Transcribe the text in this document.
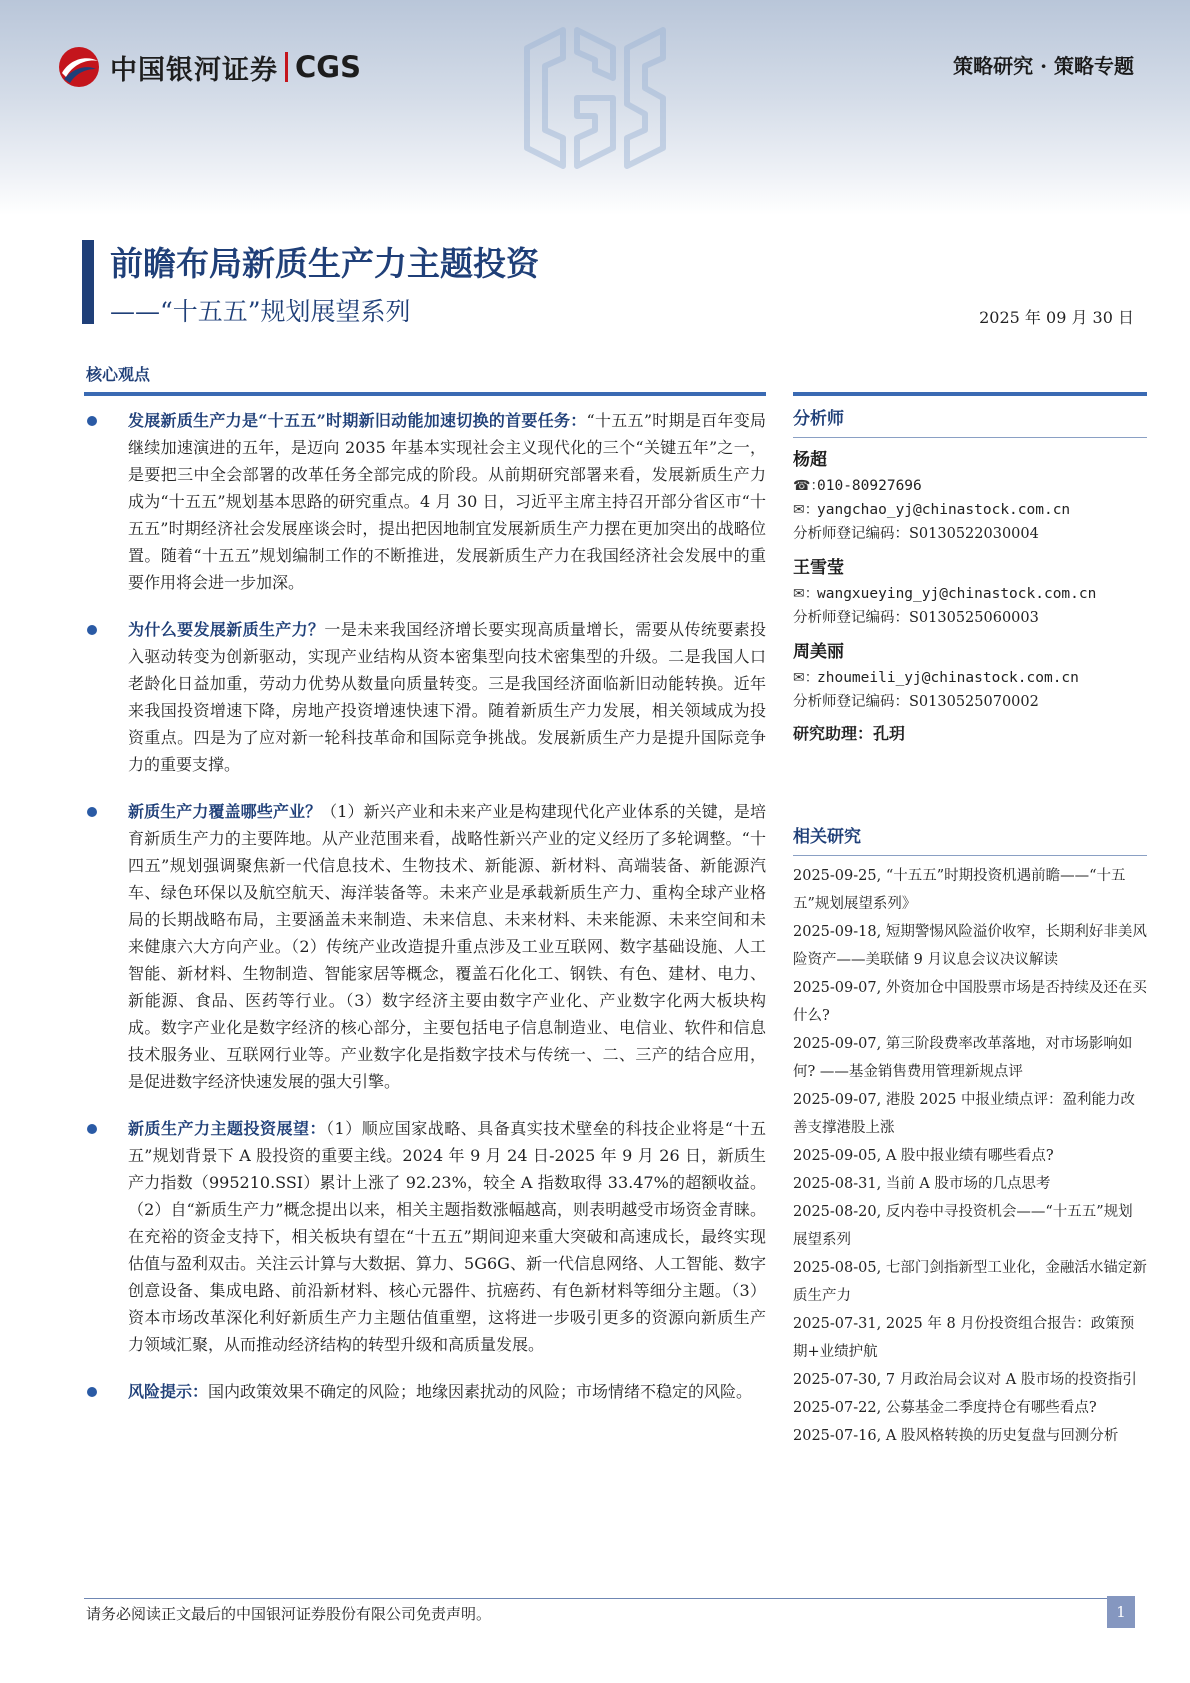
中国银河证券 CGS	策略研究 · 策略专题
前瞻布局新质生产力主题投资
——“十五五”规划展望系列	2025 年 09 月 30 日
核心观点
发展新质生产力是“十五五”时期新旧动能加速切换的首要任务：“十五五”时期是百年变局继续加速演进的五年，是迈向 2035 年基本实现社会主义现代化的三个“关键五年”之一，是要把三中全会部署的改革任务全部完成的阶段。从前期研究部署来看，发展新质生产力成为“十五五”规划基本思路的研究重点。4 月 30 日，习近平主席主持召开部分省区市“十五五”时期经济社会发展座谈会时，提出把因地制宜发展新质生产力摆在更加突出的战略位置。随着“十五五”规划编制工作的不断推进，发展新质生产力在我国经济社会发展中的重要作用将会进一步加深。
为什么要发展新质生产力？一是未来我国经济增长要实现高质量增长，需要从传统要素投入驱动转变为创新驱动，实现产业结构从资本密集型向技术密集型的升级。二是我国人口老龄化日益加重，劳动力优势从数量向质量转变。三是我国经济面临新旧动能转换。近年来我国投资增速下降，房地产投资增速快速下滑。随着新质生产力发展，相关领域成为投资重点。四是为了应对新一轮科技革命和国际竞争挑战。发展新质生产力是提升国际竞争力的重要支撑。
新质生产力覆盖哪些产业？（1）新兴产业和未来产业是构建现代化产业体系的关键，是培育新质生产力的主要阵地。从产业范围来看，战略性新兴产业的定义经历了多轮调整。“十四五”规划强调聚焦新一代信息技术、生物技术、新能源、新材料、高端装备、新能源汽车、绿色环保以及航空航天、海洋装备等。未来产业是承载新质生产力、重构全球产业格局的长期战略布局，主要涵盖未来制造、未来信息、未来材料、未来能源、未来空间和未来健康六大方向产业。（2）传统产业改造提升重点涉及工业互联网、数字基础设施、人工智能、新材料、生物制造、智能家居等概念，覆盖石化化工、钢铁、有色、建材、电力、新能源、食品、医药等行业。（3）数字经济主要由数字产业化、产业数字化两大板块构成。数字产业化是数字经济的核心部分，主要包括电子信息制造业、电信业、软件和信息技术服务业、互联网行业等。产业数字化是指数字技术与传统一、二、三产的结合应用，是促进数字经济快速发展的强大引擎。
新质生产力主题投资展望：（1）顺应国家战略、具备真实技术壁垒的科技企业将是“十五五”规划背景下 A 股投资的重要主线。2024 年 9 月 24 日-2025 年 9 月 26 日，新质生产力指数（995210.SSI）累计上涨了 92.23%，较全 A 指数取得 33.47%的超额收益。（2）自“新质生产力”概念提出以来，相关主题指数涨幅越高，则表明越受市场资金青睐。在充裕的资金支持下，相关板块有望在“十五五”期间迎来重大突破和高速成长，最终实现估值与盈利双击。关注云计算与大数据、算力、5G6G、新一代信息网络、人工智能、数字创意设备、集成电路、前沿新材料、核心元器件、抗癌药、有色新材料等细分主题。（3）资本市场改革深化利好新质生产力主题估值重塑，这将进一步吸引更多的资源向新质生产力领域汇聚，从而推动经济结构的转型升级和高质量发展。
风险提示：国内政策效果不确定的风险；地缘因素扰动的风险；市场情绪不稳定的风险。
分析师
杨超
☎：
010-80927696
✉：
yangchao_yj@chinastock.com.cn
分析师登记编码：S0130522030004
王雪莹
✉：
wangxueying_yj@chinastock.com.cn
分析师登记编码：S0130525060003
周美丽
✉：
zhoumeili_yj@chinastock.com.cn
分析师登记编码：S0130525070002
研究助理：孔玥
相关研究
2025-09-25, “十五五”时期投资机遇前瞻——“十五五”规划展望系列》
2025-09-18, 短期警惕风险溢价收窄，长期利好非美风险资产——美联储 9 月议息会议决议解读
2025-09-07, 外资加仓中国股票市场是否持续及还在买什么?
2025-09-07, 第三阶段费率改革落地，对市场影响如何? ——基金销售费用管理新规点评
2025-09-07, 港股 2025 中报业绩点评：盈利能力改善支撑港股上涨
2025-09-05, A 股中报业绩有哪些看点?
2025-08-31, 当前 A 股市场的几点思考
2025-08-20, 反内卷中寻投资机会——“十五五”规划展望系列
2025-08-05, 七部门剑指新型工业化，金融活水锚定新质生产力
2025-07-31, 2025 年 8 月份投资组合报告：政策预期+业绩护航
2025-07-30, 7 月政治局会议对 A 股市场的投资指引
2025-07-22, 公募基金二季度持仓有哪些看点?
2025-07-16, A 股风格转换的历史复盘与回测分析
请务必阅读正文最后的中国银河证券股份有限公司免责声明。	1
